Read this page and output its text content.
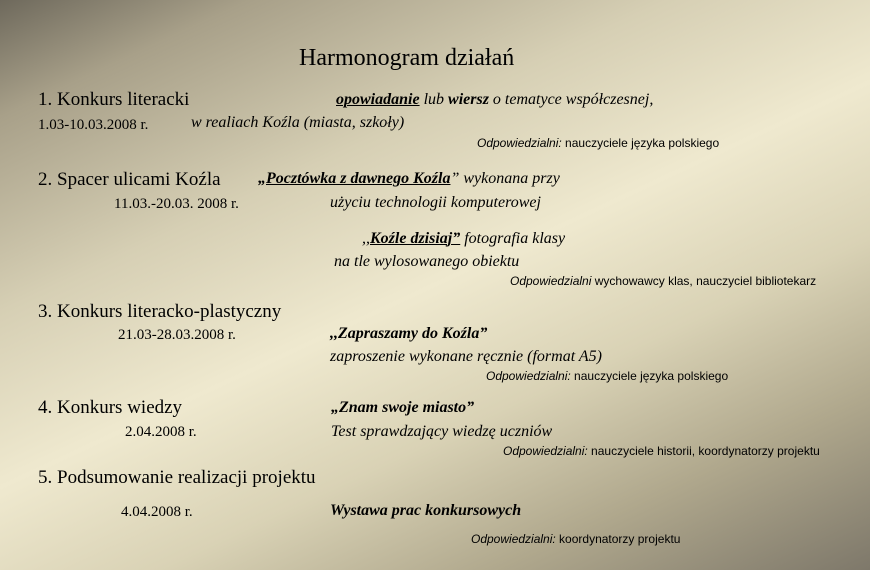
Harmonogram działań
1. Konkurs literacki
1.03-10.03.2008 r.
opowiadanie lub wiersz o tematyce współczesnej,
w realiach Koźla (miasta, szkoły)
Odpowiedzialni: nauczyciele języka polskiego
2. Spacer ulicami Koźla
11.03.-20.03. 2008 r.
„Pocztówka z dawnego Koźla” wykonana przy
użyciu technologii komputerowej
,,Koźle dzisiaj” fotografia klasy
na tle wylosowanego obiektu
Odpowiedzialni wychowawcy klas, nauczyciel bibliotekarz
3. Konkurs literacko-plastyczny
21.03-28.03.2008 r.	,,Zapraszamy do Koźla”
zaproszenie wykonane ręcznie (format A5)
Odpowiedzialni: nauczyciele języka polskiego
4. Konkurs wiedzy
2.04.2008 r.
„Znam swoje miasto”
Test sprawdzający wiedzę uczniów
Odpowiedzialni: nauczyciele historii, koordynatorzy projektu
5. Podsumowanie realizacji projektu
4.04.2008 r.	Wystawa prac konkursowych
Odpowiedzialni: koordynatorzy projektu
